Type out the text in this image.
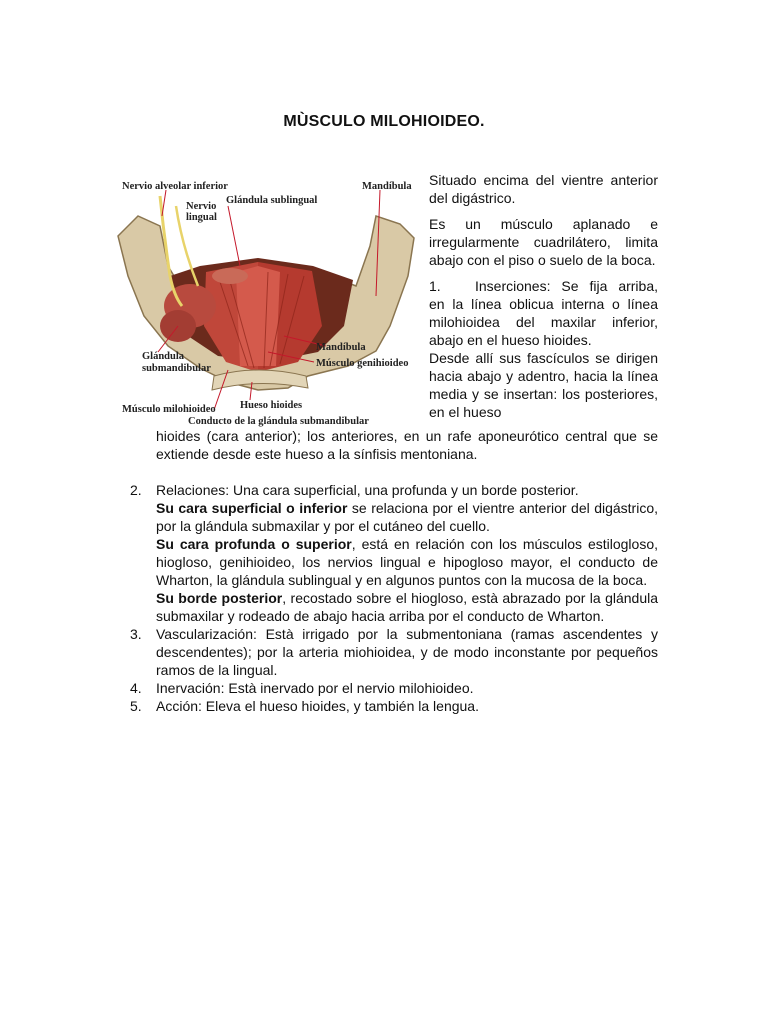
MÙSCULO MILOHIOIDEO.
Nervio alveolar inferior	Mandíbula
Nervio
lingual
Glándula sublingual
Glándula
submandibular
Mandíbula
Músculo genihioideo
Músculo milohioideo Hueso hioides
Conducto de la glándula submandibular

Situado encima del vientre anterior del digástrico.

Es un músculo aplanado e irregularmente cuadrilátero, limita abajo con el piso o suelo de la boca.

1.	Inserciones: Se fija arriba,
en la línea oblicua interna o línea milohioidea del maxilar inferior, abajo en el hueso hioides.

Desde allí sus fascículos se dirigen hacia abajo y adentro, hacia la línea media y se insertan: los posteriores, en el hueso

hioides (cara anterior); los anteriores, en un rafe aponeurótico central que se extiende desde este hueso a la sínfisis mentoniana.
2.	Relaciones: Una cara superficial, una profunda y un borde posterior.
Su cara superficial o inferior se relaciona por el vientre anterior del digástrico, por la glándula submaxilar y por el cutáneo del cuello.
Su cara profunda o superior, está en relación con los músculos estilogloso, hiogloso, genihioideo, los nervios lingual e hipogloso mayor, el conducto de Wharton, la glándula sublingual y en algunos puntos con la mucosa de la boca.
Su borde posterior, recostado sobre el hiogloso, està abrazado por la glándula submaxilar y rodeado de abajo hacia arriba por el conducto de Wharton.
3.	Vascularización: Està irrigado por la submentoniana (ramas ascendentes y descendentes); por la arteria miohioidea, y de modo inconstante por pequeños ramos de la lingual.
4.	Inervación: Està inervado por el nervio milohioideo.
5.	Acción: Eleva el hueso hioides, y también la lengua.
